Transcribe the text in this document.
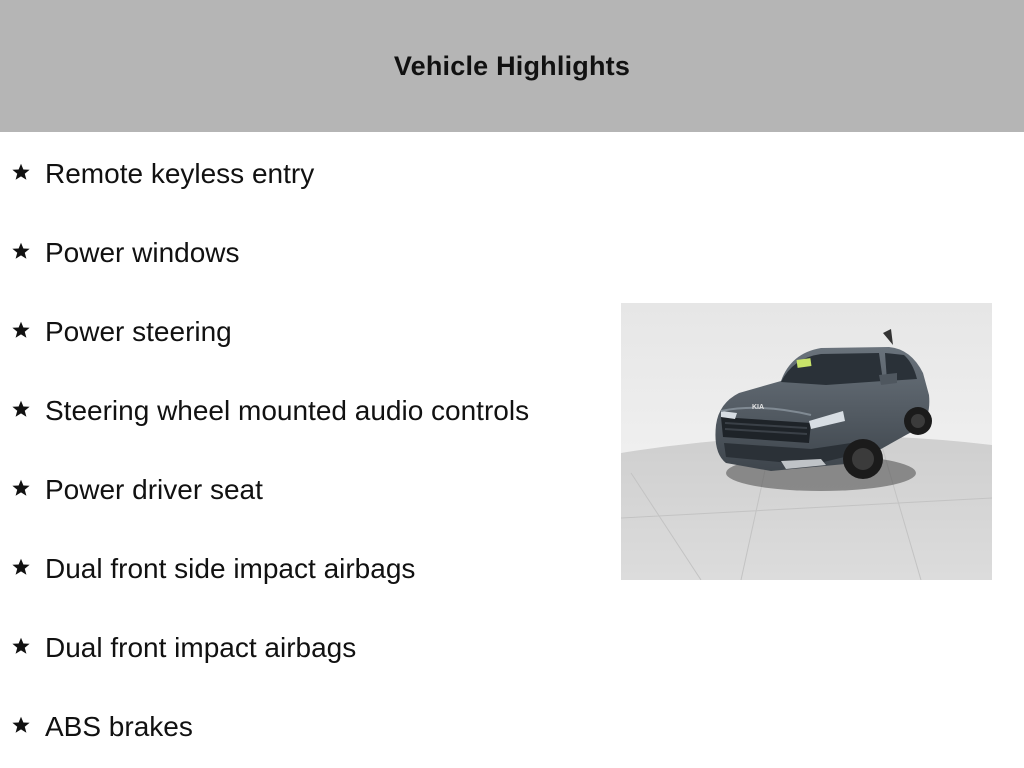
Vehicle Highlights
Remote keyless entry
Power windows
Power steering
Steering wheel mounted audio controls
Power driver seat
Dual front side impact airbags
Dual front impact airbags
ABS brakes
KIA
